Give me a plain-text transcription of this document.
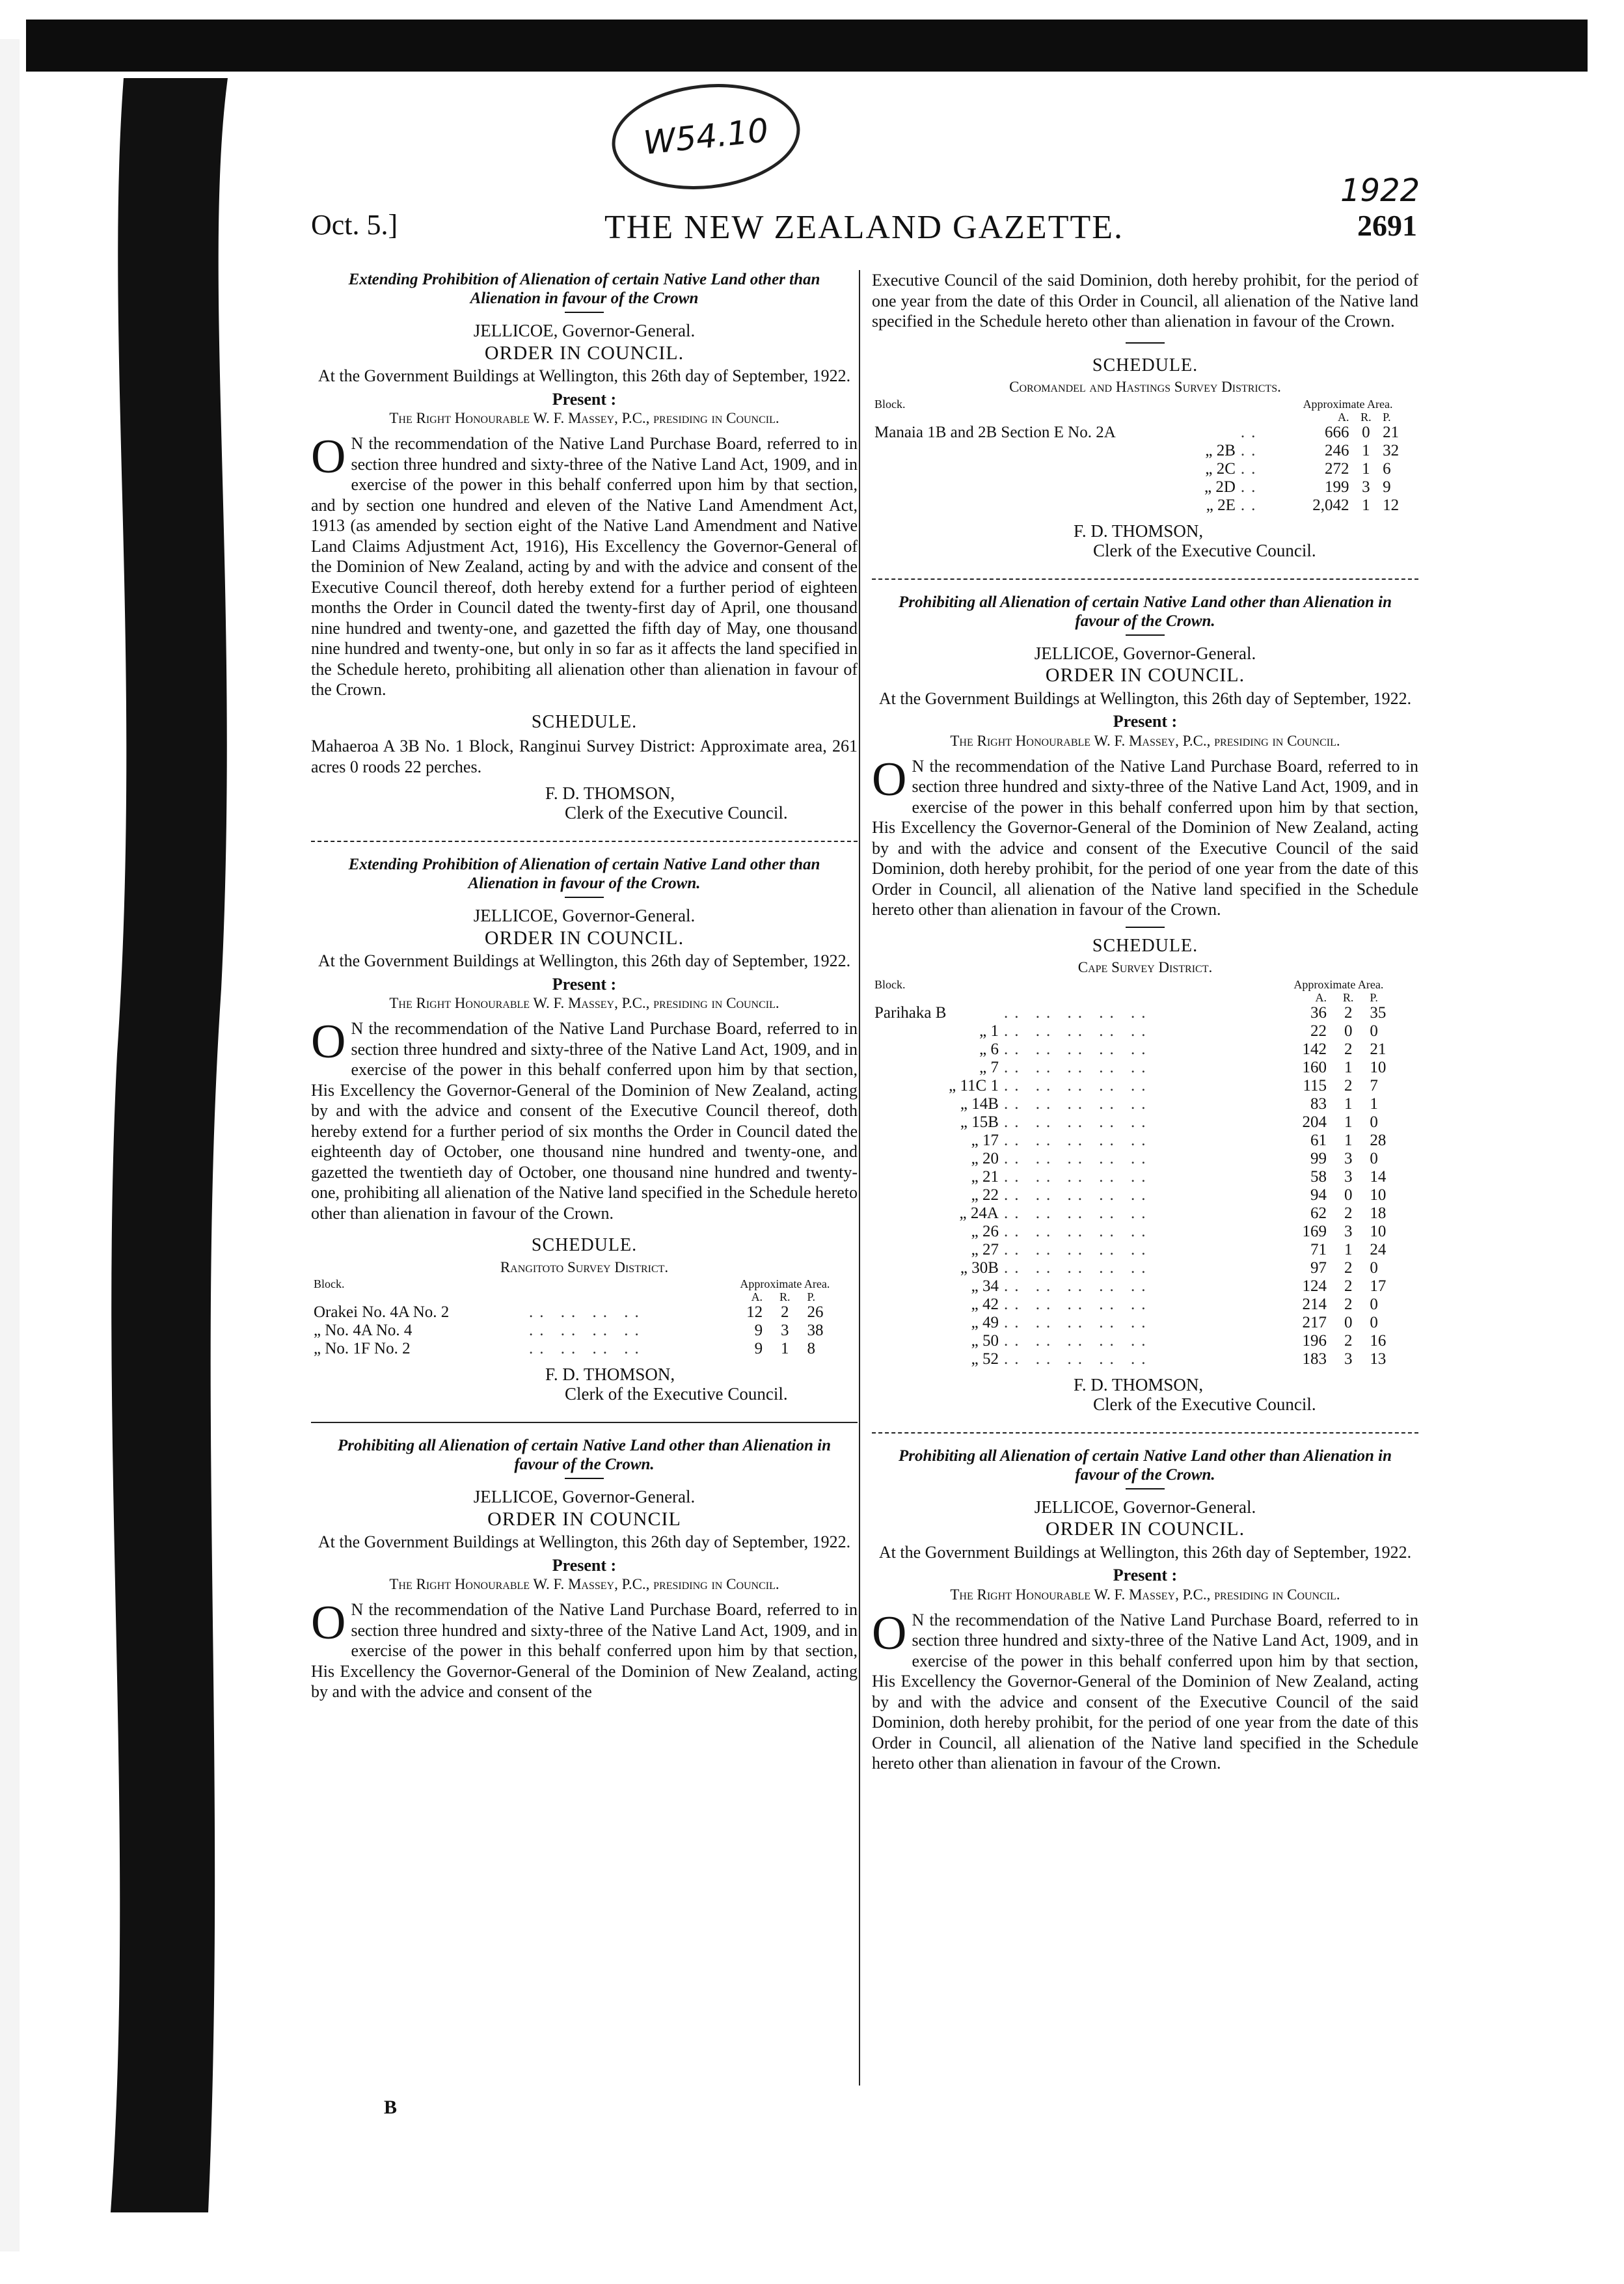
W54.10
1922
Oct. 5.]	THE NEW ZEALAND GAZETTE.	2691
Extending Prohibition of Alienation of certain Native Land other than Alienation in favour of the Crown
JELLICOE, Governor-General.
ORDER IN COUNCIL.
At the Government Buildings at Wellington, this 26th day of September, 1922.
Present :
The Right Honourable W. F. Massey, P.C., presiding in Council.
ON the recommendation of the Native Land Purchase Board, referred to in section three hundred and sixty-three of the Native Land Act, 1909, and in exercise of the power in this behalf conferred upon him by that section, and by section one hundred and eleven of the Native Land Amendment Act, 1913 (as amended by section eight of the Native Land Amendment and Native Land Claims Adjustment Act, 1916), His Excellency the Governor-General of the Dominion of New Zealand, acting by and with the advice and consent of the Executive Council thereof, doth hereby extend for a further period of eighteen months the Order in Council dated the twenty-first day of April, one thousand nine hundred and twenty-one, and gazetted the fifth day of May, one thousand nine hundred and twenty-one, but only in so far as it affects the land specified in the Schedule hereto, prohibiting all alienation other than alienation in favour of the Crown.
SCHEDULE.
Mahaeroa A 3B No. 1 Block, Ranginui Survey District: Approximate area, 261 acres 0 roods 22 perches.
F. D. THOMSON,
Clerk of the Executive Council.
Extending Prohibition of Alienation of certain Native Land other than Alienation in favour of the Crown.
JELLICOE, Governor-General.
ORDER IN COUNCIL.
At the Government Buildings at Wellington, this 26th day of September, 1922.
Present :
The Right Honourable W. F. Massey, P.C., presiding in Council.
ON the recommendation of the Native Land Purchase Board, referred to in section three hundred and sixty-three of the Native Land Act, 1909, and in exercise of the power in this behalf conferred upon him by that section, His Excellency the Governor-General of the Dominion of New Zealand, acting by and with the advice and consent of the Executive Council thereof, doth hereby extend for a further period of six months the Order in Council dated the eighteenth day of October, one thousand nine hundred and twenty-one, and gazetted the twentieth day of October, one thousand nine hundred and twenty-one, prohibiting all alienation of the Native land specified in the Schedule hereto other than alienation in favour of the Crown.
SCHEDULE.
Rangitoto Survey District.
Block.		Approximate Area.		
		A.	R.	P.
Orakei No. 4A No. 2	.. .. .. ..	12	2	26
„ No. 4A No. 4	.. .. .. ..	9	3	38
„ No. 1F No. 2	.. .. .. ..	9	1	8
F. D. THOMSON,
Clerk of the Executive Council.
Prohibiting all Alienation of certain Native Land other than Alienation in favour of the Crown.
JELLICOE, Governor-General.
ORDER IN COUNCIL
At the Government Buildings at Wellington, this 26th day of September, 1922.
Present :
The Right Honourable W. F. Massey, P.C., presiding in Council.
ON the recommendation of the Native Land Purchase Board, referred to in section three hundred and sixty-three of the Native Land Act, 1909, and in exercise of the power in this behalf conferred upon him by that section, His Excellency the Governor-General of the Dominion of New Zealand, acting by and with the advice and consent of the
Executive Council of the said Dominion, doth hereby prohibit, for the period of one year from the date of this Order in Council, all alienation of the Native land specified in the Schedule hereto other than alienation in favour of the Crown.
SCHEDULE.
Coromandel and Hastings Survey Districts.
Block.		Approximate Area.		
		A.	R.	P.
Manaia 1B and 2B Section E No. 2A	..	666	0	21
„ 2B	..	246	1	32
„ 2C	..	272	1	6
„ 2D	..	199	3	9
„ 2E	..	2,042	1	12
F. D. THOMSON,
Clerk of the Executive Council.
Prohibiting all Alienation of certain Native Land other than Alienation in favour of the Crown.
JELLICOE, Governor-General.
ORDER IN COUNCIL.
At the Government Buildings at Wellington, this 26th day of September, 1922.
Present :
The Right Honourable W. F. Massey, P.C., presiding in Council.
ON the recommendation of the Native Land Purchase Board, referred to in section three hundred and sixty-three of the Native Land Act, 1909, and in exercise of the power in this behalf conferred upon him by that section, His Excellency the Governor-General of the Dominion of New Zealand, acting by and with the advice and consent of the Executive Council of the said Dominion, doth hereby prohibit, for the period of one year from the date of this Order in Council, all alienation of the Native land specified in the Schedule hereto other than alienation in favour of the Crown.
SCHEDULE.
Cape Survey District.
Block.		Approximate Area.		
		A.	R.	P.
Parihaka B	.. .. .. .. ..	36	2	35
„ 1	.. .. .. .. ..	22	0	0
„ 6	.. .. .. .. ..	142	2	21
„ 7	.. .. .. .. ..	160	1	10
„ 11C 1	.. .. .. .. ..	115	2	7
„ 14B	.. .. .. .. ..	83	1	1
„ 15B	.. .. .. .. ..	204	1	0
„ 17	.. .. .. .. ..	61	1	28
„ 20	.. .. .. .. ..	99	3	0
„ 21	.. .. .. .. ..	58	3	14
„ 22	.. .. .. .. ..	94	0	10
„ 24A	.. .. .. .. ..	62	2	18
„ 26	.. .. .. .. ..	169	3	10
„ 27	.. .. .. .. ..	71	1	24
„ 30B	.. .. .. .. ..	97	2	0
„ 34	.. .. .. .. ..	124	2	17
„ 42	.. .. .. .. ..	214	2	0
„ 49	.. .. .. .. ..	217	0	0
„ 50	.. .. .. .. ..	196	2	16
„ 52	.. .. .. .. ..	183	3	13
F. D. THOMSON,
Clerk of the Executive Council.
Prohibiting all Alienation of certain Native Land other than Alienation in favour of the Crown.
JELLICOE, Governor-General.
ORDER IN COUNCIL.
At the Government Buildings at Wellington, this 26th day of September, 1922.
Present :
The Right Honourable W. F. Massey, P.C., presiding in Council.
ON the recommendation of the Native Land Purchase Board, referred to in section three hundred and sixty-three of the Native Land Act, 1909, and in exercise of the power in this behalf conferred upon him by that section, His Excellency the Governor-General of the Dominion of New Zealand, acting by and with the advice and consent of the Executive Council of the said Dominion, doth hereby prohibit, for the period of one year from the date of this Order in Council, all alienation of the Native land specified in the Schedule hereto other than alienation in favour of the Crown.
B
